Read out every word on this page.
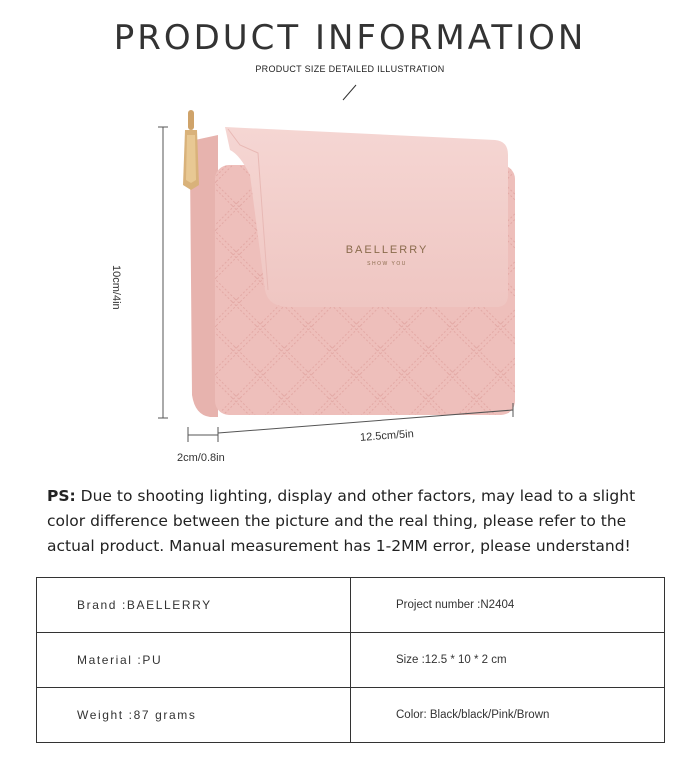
PRODUCT INFORMATION
PRODUCT SIZE DETAILED ILLUSTRATION
BAELLERRY
SHOW YOU
10cm/4in
12.5cm/5in
2cm/0.8in
PS: Due to shooting lighting, display and other factors, may lead to a slight color difference between the picture and the real thing, please refer to the actual product. Manual measurement has 1-2MM error, please understand!
Brand :BAELLERRY	Project number :N2404
Material :PU	Size :12.5 * 10 * 2 cm
Weight :87 grams	Color: Black/black/Pink/Brown
